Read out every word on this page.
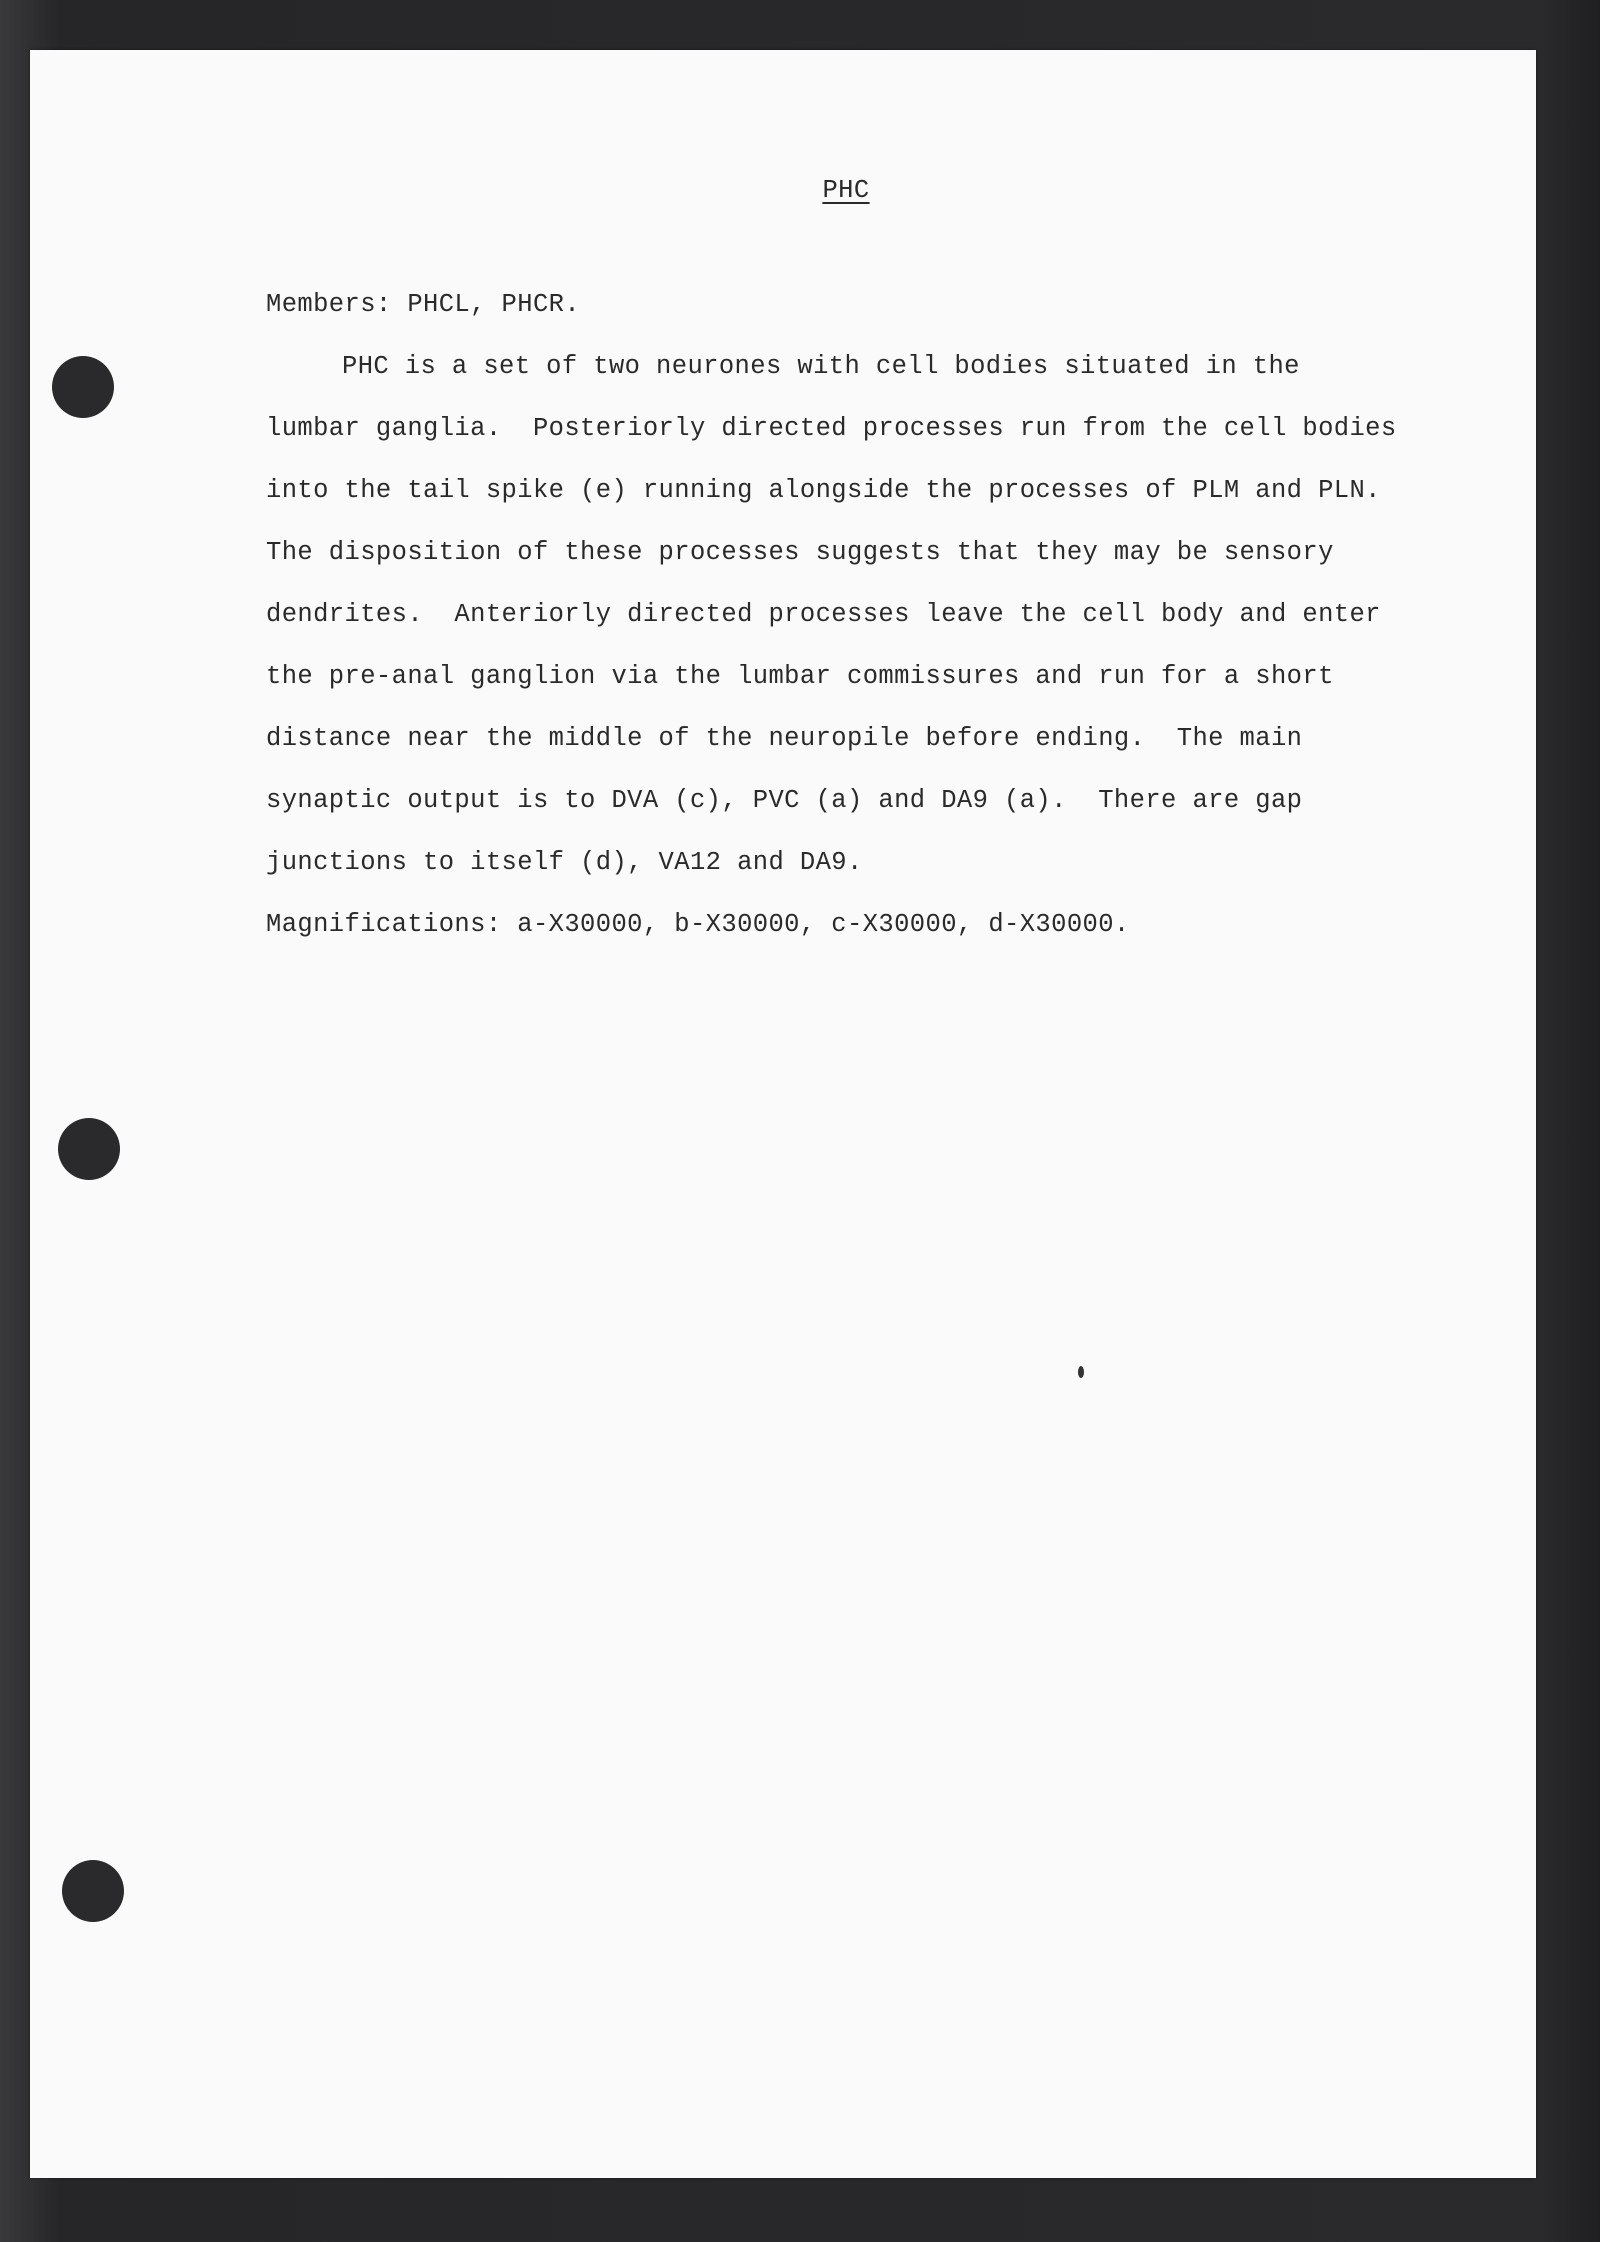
PHC

Members: PHCL, PHCR.

PHC is a set of two neurones with cell bodies situated in the

lumbar ganglia.  Posteriorly directed processes run from the cell bodies

into the tail spike (e) running alongside the processes of PLM and PLN.

The disposition of these processes suggests that they may be sensory

dendrites.  Anteriorly directed processes leave the cell body and enter

the pre-anal ganglion via the lumbar commissures and run for a short

distance near the middle of the neuropile before ending.  The main

synaptic output is to DVA (c), PVC (a) and DA9 (a).  There are gap

junctions to itself (d), VA12 and DA9.

Magnifications: a-X30000, b-X30000, c-X30000, d-X30000.
